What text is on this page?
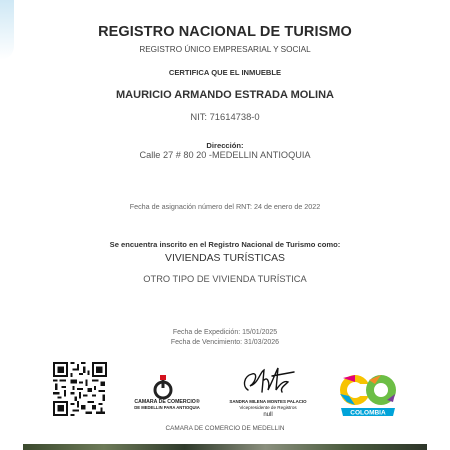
REGISTRO NACIONAL DE TURISMO
REGISTRO ÚNICO EMPRESARIAL Y SOCIAL
CERTIFICA QUE EL INMUEBLE
MAURICIO ARMANDO ESTRADA MOLINA
NIT: 71614738-0
Dirección:
Calle 27 # 80 20 -MEDELLIN ANTIOQUIA
Fecha de asignación número del RNT: 24 de enero de 2022
Se encuentra inscrito en el Registro Nacional de Turismo como:
VIVIENDAS TURÍSTICAS
OTRO TIPO DE VIVIENDA TURÍSTICA
Fecha de Expedición: 15/01/2025
Fecha de Vencimiento: 31/03/2026
CAMARA DE COMERCIO®
DE MEDELLIN PARA ANTIOQUIA
SANDRA MILENA MONTES PALACIO
Vicepresidente de Registros
null	COLOMBIA
CAMARA DE COMERCIO DE MEDELLIN
